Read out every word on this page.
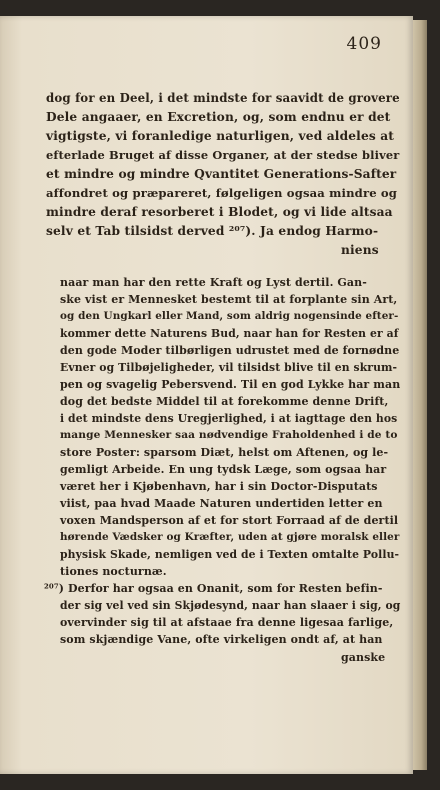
409
dog for en Deel, i det mindste for saavidt de grovere
Dele angaaer, en Excretion, og, som endnu er det
vigtigste, vi foranledige naturligen, ved aldeles at
efterlade Bruget af disse Organer, at der stedse bliver
et mindre og mindre Qvantitet Generations-Safter
affondret og præpareret, følgeligen ogsaa mindre og
mindre deraf resorberet i Blodet, og vi lide altsaa
selv et Tab tilsidst derved ²⁰⁷). Ja endog Harmo-
niens
naar man har den rette Kraft og Lyst dertil. Gan-
ske vist er Mennesket bestemt til at forplante sin Art,
og den Ungkarl eller Mand, som aldrig nogensinde efter-
kommer dette Naturens Bud, naar han for Resten er af
den gode Moder tilbørligen udrustet med de fornødne
Evner og Tilbøjeligheder, vil tilsidst blive til en skrum-
pen og svagelig Pebersvend. Til en god Lykke har man
dog det bedste Middel til at forekomme denne Drift,
i det mindste dens Uregjerlighed, i at iagttage den hos
mange Mennesker saa nødvendige Fraholdenhed i de to
store Poster: sparsom Diæt, helst om Aftenen, og le-
gemligt Arbeide. En ung tydsk Læge, som ogsaa har
været her i Kjøbenhavn, har i sin Doctor-Disputats
viist, paa hvad Maade Naturen undertiden letter en
voxen Mandsperson af et for stort Forraad af de dertil
hørende Vædsker og Kræfter, uden at gjøre moralsk eller
physisk Skade, nemligen ved de i Texten omtalte Pollu-
tiones nocturnæ.
²⁰⁷) Derfor har ogsaa en Onanit, som for Resten befin-
der sig vel ved sin Skjødesynd, naar han slaaer i sig, og
overvinder sig til at afstaae fra denne ligesaa farlige,
som skjændige Vane, ofte virkeligen ondt af, at han
ganske
